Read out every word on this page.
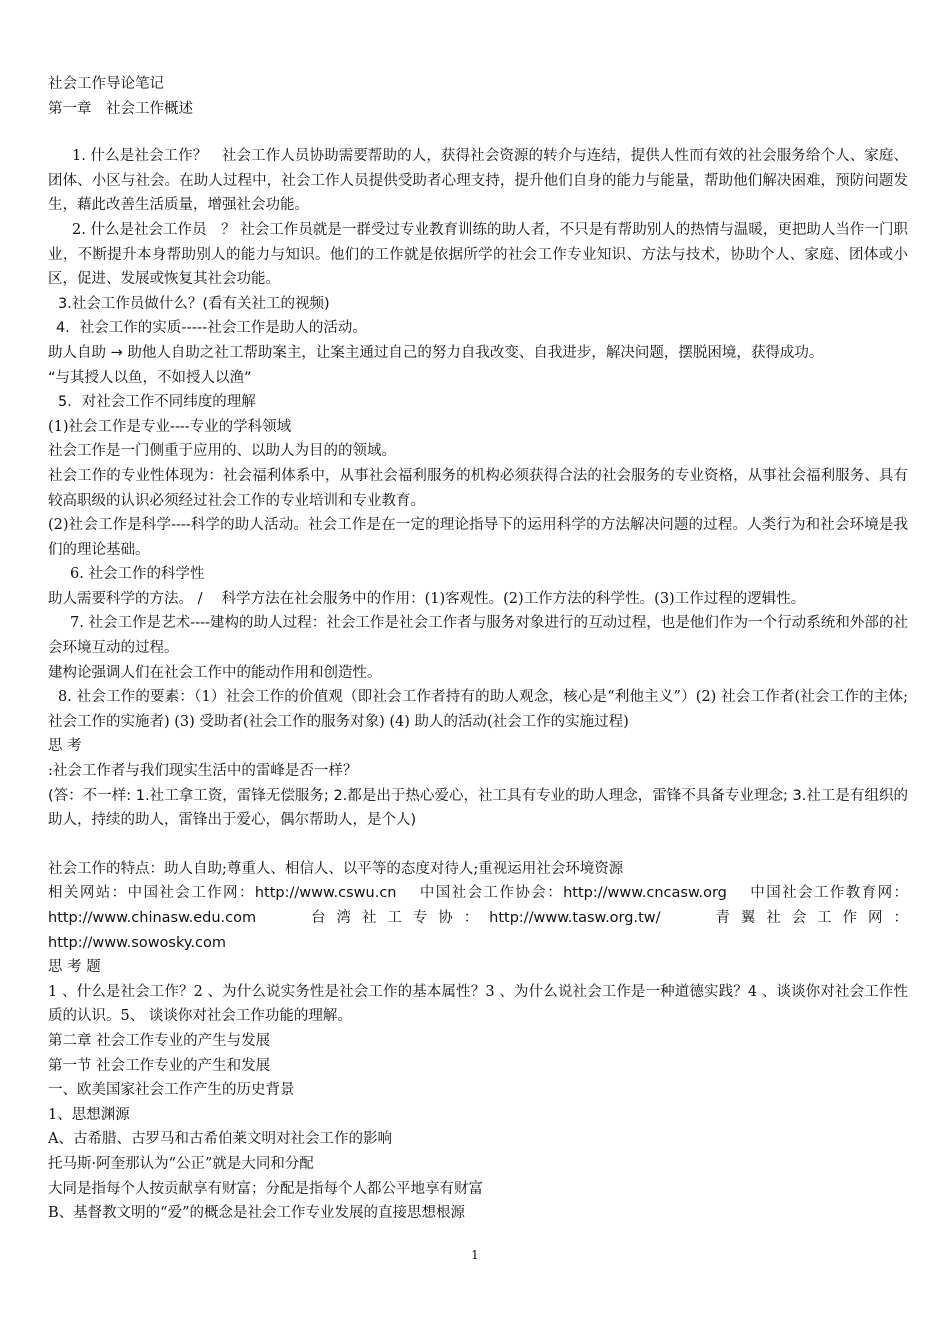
社会工作导论笔记

第一章　社会工作概述

1. 什么是社会工作？　社会工作人员协助需要帮助的人，获得社会资源的转介与连结，提供人性而有效的社会服务给个人、家庭、团体、小区与社会。在助人过程中，社会工作人员提供受助者心理支持，提升他们自身的能力与能量，帮助他们解决困难，预防问题发生，藉此改善生活质量，增强社会功能。

2. 什么是社会工作员　？ 社会工作员就是一群受过专业教育训练的助人者，不只是有帮助别人的热情与温暖，更把助人当作一门职业，不断提升本身帮助别人的能力与知识。他们的工作就是依据所学的社会工作专业知识、方法与技术，协助个人、家庭、团体或小区，促进、发展或恢复其社会功能。

3.社会工作员做什么？(看有关社工的视频)

4．社会工作的实质-----社会工作是助人的活动。

助人自助 → 助他人自助之社工帮助案主，让案主通过自己的努力自我改变、自我进步，解决问题，摆脱困境，获得成功。

“与其授人以鱼，不如授人以渔”

5．对社会工作不同纬度的理解

(1)社会工作是专业----专业的学科领域

社会工作是一门侧重于应用的、以助人为目的的领域。

社会工作的专业性体现为：社会福利体系中，从事社会福利服务的机构必须获得合法的社会服务的专业资格，从事社会福利服务、具有较高职级的认识必须经过社会工作的专业培训和专业教育。

(2)社会工作是科学----科学的助人活动。社会工作是在一定的理论指导下的运用科学的方法解决问题的过程。人类行为和社会环境是我们的理论基础。

6. 社会工作的科学性

助人需要科学的方法。 /　 科学方法在社会服务中的作用：(1)客观性。(2)工作方法的科学性。(3)工作过程的逻辑性。

7. 社会工作是艺术----建构的助人过程：社会工作是社会工作者与服务对象进行的互动过程，也是他们作为一个行动系统和外部的社会环境互动的过程。

建构论强调人们在社会工作中的能动作用和创造性。

8. 社会工作的要素：（1）社会工作的价值观（即社会工作者持有的助人观念，核心是“利他主义”）(2) 社会工作者(社会工作的主体; 社会工作的实施者) (3) 受助者(社会工作的服务对象) (4) 助人的活动(社会工作的实施过程)

思 考

:社会工作者与我们现实生活中的雷峰是否一样？

(答：不一样: 1.社工拿工资，雷锋无偿服务; 2.都是出于热心爱心，社工具有专业的助人理念，雷锋不具备专业理念; 3.社工是有组织的助人，持续的助人，雷锋出于爱心，偶尔帮助人，是个人)

社会工作的特点：助人自助;尊重人、相信人、以平等的态度对待人;重视运用社会环境资源

相关网站：中国社会工作网：http://www.cswu.cn 中国社会工作协会：http://www.cncasw.org 中国社会工作教育网：http://www.chinasw.edu.com	台湾社工专协：http://www.tasw.org.tw/	青翼社会工作网： http://www.sowosky.com

思 考 题

1 、什么是社会工作？2 、为什么说实务性是社会工作的基本属性？3 、为什么说社会工作是一种道德实践？4 、谈谈你对社会工作性质的认识。5、 谈谈你对社会工作功能的理解。

第二章 社会工作专业的产生与发展

第一节 社会工作专业的产生和发展

一、欧美国家社会工作产生的历史背景

1、思想渊源

A、古希腊、古罗马和古希伯莱文明对社会工作的影响

托马斯·阿奎那认为“公正”就是大同和分配

大同是指每个人按贡献享有财富；分配是指每个人都公平地享有财富

B、基督教文明的“爱”的概念是社会工作专业发展的直接思想根源

1
